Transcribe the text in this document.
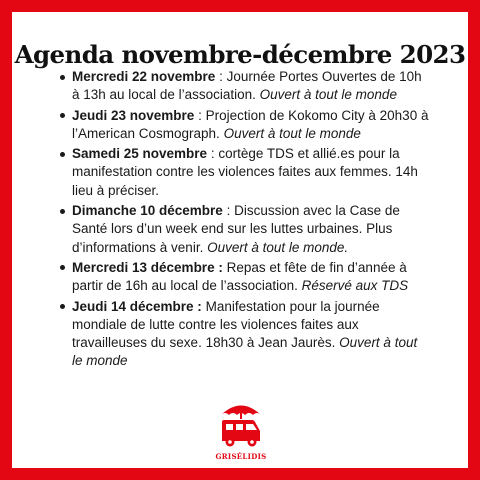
Agenda novembre-décembre 2023
Mercredi 22 novembre : Journée Portes Ouvertes de 10h à 13h au local de l’association. Ouvert à tout le monde
Jeudi 23 novembre : Projection de Kokomo City à 20h30 à l’American Cosmograph. Ouvert à tout le monde
Samedi 25 novembre : cortège TDS et allié.es pour la manifestation contre les violences faites aux femmes. 14h lieu à préciser.
Dimanche 10 décembre : Discussion avec la Case de Santé lors d’un week end sur les luttes urbaines. Plus d’informations à venir. Ouvert à tout le monde.
Mercredi 13 décembre : Repas et fête de fin d’année à partir de 16h au local de l’association. Réservé aux TDS
Jeudi 14 décembre : Manifestation pour la journée mondiale de lutte contre les violences faites aux travailleuses du sexe. 18h30 à Jean Jaurès. Ouvert à tout le monde
GRISÉLIDIS
